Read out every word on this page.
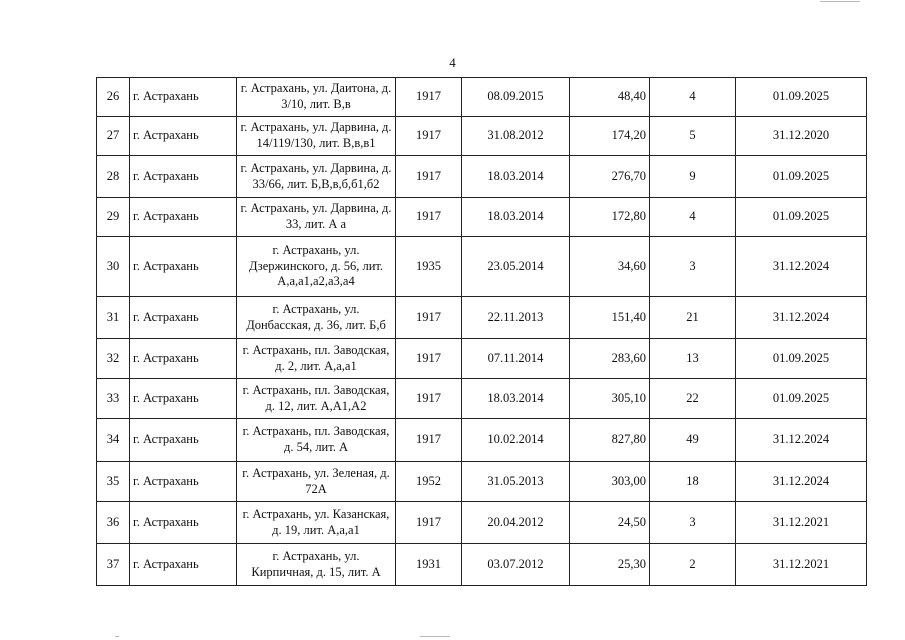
4
26	г. Астрахань	г. Астрахань, ул. Даитона, д. 3/10, лит. В,в	1917	08.09.2015	48,40	4	01.09.2025
27	г. Астрахань	г. Астрахань, ул. Дарвина, д. 14/119/130, лит. В,в,в1	1917	31.08.2012	174,20	5	31.12.2020
28	г. Астрахань	г. Астрахань, ул. Дарвина, д. 33/66, лит. Б,В,в,б,б1,б2	1917	18.03.2014	276,70	9	01.09.2025
29	г. Астрахань	г. Астрахань, ул. Дарвина, д. 33, лит. А а	1917	18.03.2014	172,80	4	01.09.2025
30	г. Астрахань	г. Астрахань, ул. Дзержинского, д. 56, лит. А,а,а1,а2,а3,а4	1935	23.05.2014	34,60	3	31.12.2024
31	г. Астрахань	г. Астрахань, ул. Донбасская, д. 36, лит. Б,б	1917	22.11.2013	151,40	21	31.12.2024
32	г. Астрахань	г. Астрахань, пл. Заводская, д. 2, лит. А,а,а1	1917	07.11.2014	283,60	13	01.09.2025
33	г. Астрахань	г. Астрахань, пл. Заводская, д. 12, лит. А,А1,А2	1917	18.03.2014	305,10	22	01.09.2025
34	г. Астрахань	г. Астрахань, пл. Заводская, д. 54, лит. А	1917	10.02.2014	827,80	49	31.12.2024
35	г. Астрахань	г. Астрахань, ул. Зеленая, д. 72А	1952	31.05.2013	303,00	18	31.12.2024
36	г. Астрахань	г. Астрахань, ул. Казанская, д. 19, лит. А,а,а1	1917	20.04.2012	24,50	3	31.12.2021
37	г. Астрахань	г. Астрахань, ул. Кирпичная, д. 15, лит. А	1931	03.07.2012	25,30	2	31.12.2021
